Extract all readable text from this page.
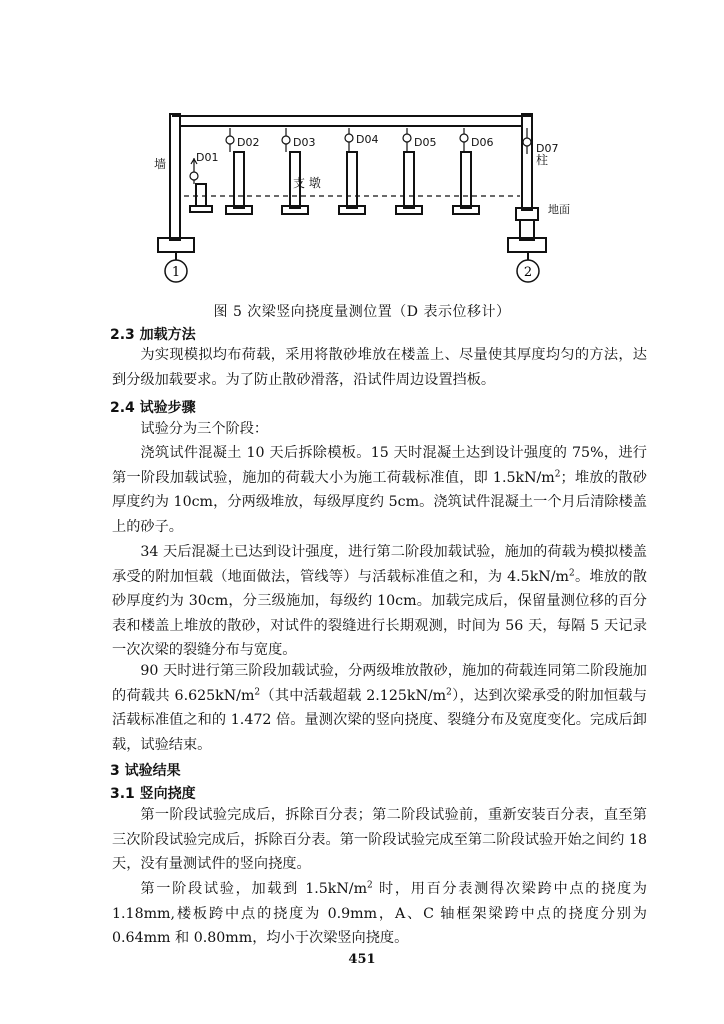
1	2
墙	D01
D02	D03	D04	D05	D06	D07
柱
支 墩
地面
图 5 次梁竖向挠度量测位置（D 表示位移计）
2.3 加载方法

为实现模拟均布荷载，采用将散砂堆放在楼盖上、尽量使其厚度均匀的方法，达到分级加载要求。为了防止散砂滑落，沿试件周边设置挡板。

2.4 试验步骤

试验分为三个阶段：

浇筑试件混凝土 10 天后拆除模板。15 天时混凝土达到设计强度的 75%，进行第一阶段加载试验，施加的荷载大小为施工荷载标准值，即 $1.5kN/m^2$；堆放的散砂厚度约为 10cm，分两级堆放，每级厚度约 5cm。浇筑试件混凝土一个月后清除楼盖上的砂子。

34 天后混凝土已达到设计强度，进行第二阶段加载试验，施加的荷载为模拟楼盖承受的附加恒载（地面做法，管线等）与活载标准值之和，为 $4.5kN/m^2$。堆放的散砂厚度约为 30cm，分三级施加，每级约 10cm。加载完成后，保留量测位移的百分表和楼盖上堆放的散砂，对试件的裂缝进行长期观测，时间为 56 天，每隔 5 天记录一次次梁的裂缝分布与宽度。

90 天时进行第三阶段加载试验，分两级堆放散砂，施加的荷载连同第二阶段施加的荷载共 $6.625kN/m^2$（其中活载超载 $2.125kN/m^2$），达到次梁承受的附加恒载与活载标准值之和的 1.472 倍。量测次梁的竖向挠度、裂缝分布及宽度变化。完成后卸载，试验结束。

3 试验结果
3.1 竖向挠度

第一阶段试验完成后，拆除百分表；第二阶段试验前，重新安装百分表，直至第三次阶段试验完成后，拆除百分表。第一阶段试验完成至第二阶段试验开始之间约 18 天，没有量测试件的竖向挠度。

第一阶段试验，加载到 $1.5kN/m^2$ 时，用百分表测得次梁跨中点的挠度为 1.18mm,楼板跨中点的挠度为 0.9mm，A、C 轴框架梁跨中点的挠度分别为 0.64mm 和 0.80mm，均小于次梁竖向挠度。

451
